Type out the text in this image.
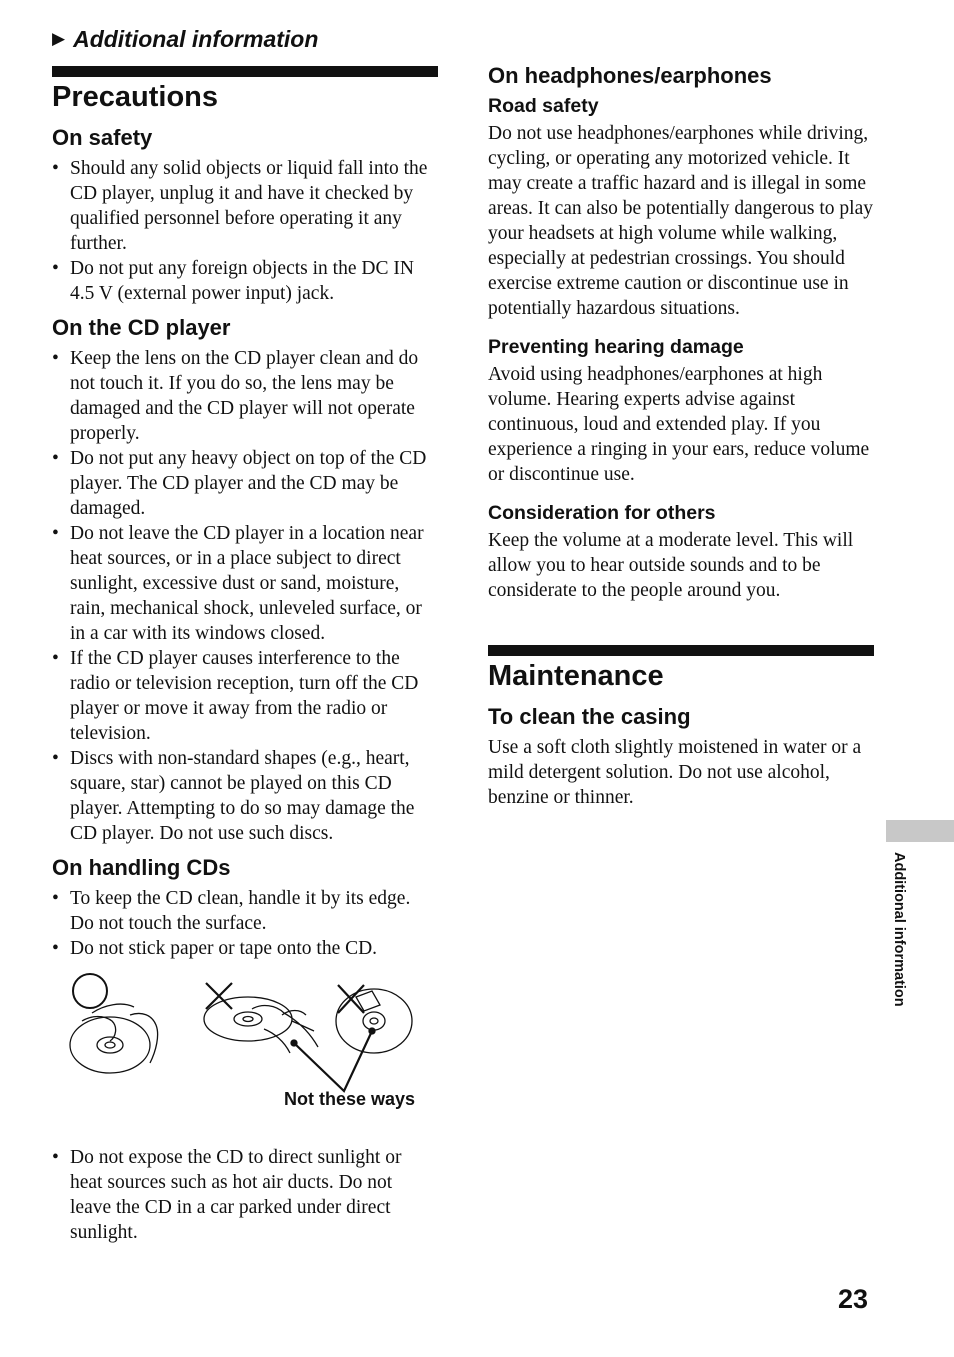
▶ Additional information
Precautions
On safety
• Should any solid objects or liquid fall into the CD player, unplug it and have it checked by qualified personnel before operating it any further.
• Do not put any foreign objects in the DC IN 4.5 V (external power input) jack.
On the CD player
• Keep the lens on the CD player clean and do not touch it. If you do so, the lens may be damaged and the CD player will not operate properly.
• Do not put any heavy object on top of the CD player. The CD player and the CD may be damaged.
• Do not leave the CD player in a location near heat sources, or in a place subject to direct sunlight, excessive dust or sand, moisture, rain, mechanical shock, unleveled surface, or in a car with its windows closed.
• If the CD player causes interference to the radio or television reception, turn off the CD player or move it away from the radio or television.
• Discs with non-standard shapes (e.g., heart, square, star) cannot be played on this CD player. Attempting to do so may damage the CD player. Do not use such discs.
On handling CDs
• To keep the CD clean, handle it by its edge. Do not touch the surface.
• Do not stick paper or tape onto the CD.
Not these ways
• Do not expose the CD to direct sunlight or heat sources such as hot air ducts. Do not leave the CD in a car parked under direct sunlight.
On headphones/earphones
Road safety

Do not use headphones/earphones while driving, cycling, or operating any motorized vehicle. It may create a traffic hazard and is illegal in some areas. It can also be potentially dangerous to play your headsets at high volume while walking, especially at pedestrian crossings. You should exercise extreme caution or discontinue use in potentially hazardous situations.

Preventing hearing damage

Avoid using headphones/earphones at high volume. Hearing experts advise against continuous, loud and extended play. If you experience a ringing in your ears, reduce volume or discontinue use.

Consideration for others

Keep the volume at a moderate level. This will allow you to hear outside sounds and to be considerate to the people around you.

Maintenance
To clean the casing

Use a soft cloth slightly moistened in water or a mild detergent solution. Do not use alcohol, benzine or thinner.

Additional information
23
